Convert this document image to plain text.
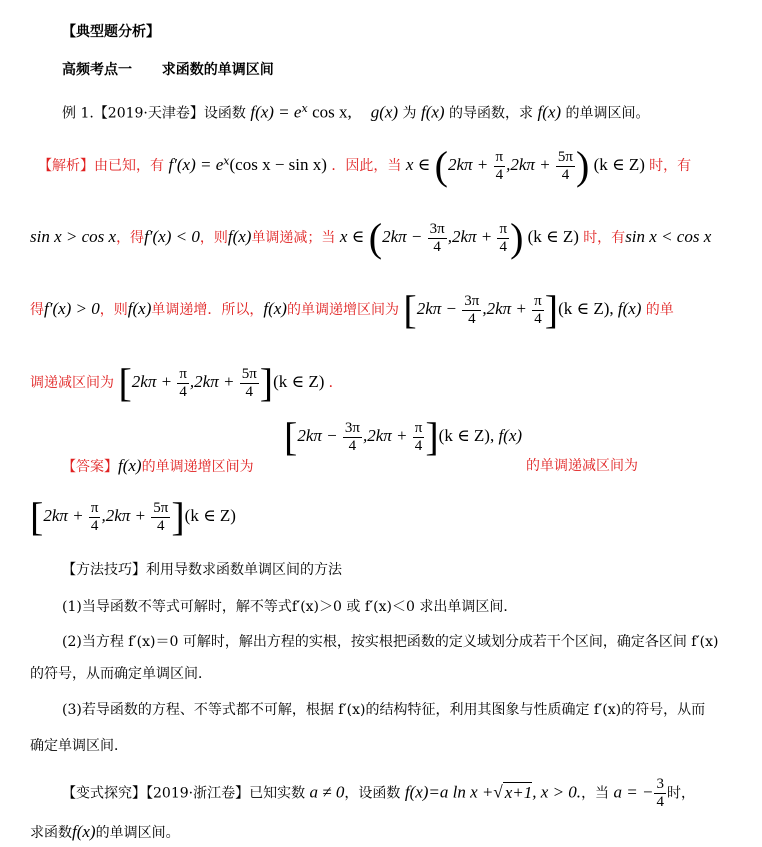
【典型题分析】
高频考点一 求函数的单调区间
例 1.【2019·天津卷】设函数 $f(x) = e^x$ cos x, g(x) 为 f(x) 的导函数，求 f(x) 的单调区间。
【解析】由已知，有 $f'(x) = e^x(\cos$ x − sin x) ．因此，当 x ∈ ($2k\pi + \frac{\pi}{4} ,2k\pi + \frac{5\pi}{4}$ ) (k ∈ Z) 时，有
sin x > cos x，得f′(x) < 0，则f(x)单调递减；当 x ∈ ($2k\pi - \frac{3\pi}{4} ,2k\pi + \frac{\pi}{4}$ ) (k ∈ Z) 时，有sin x < cos x
得f′(x) > 0，则f(x)单调递增．所以，f(x)的单调递增区间为 $[2k\pi - \frac{3\pi}{4} ,2k\pi + \frac{\pi}{4} ](k$ ∈ Z), f(x) 的单
调递减区间为 $[2k\pi + \frac{\pi}{4} ,2k\pi + \frac{5\pi}{4} ](k$ ∈ Z) ．
$[2k\pi - \frac{3\pi}{4} ,2k\pi + \frac{\pi}{4} ](k$ ∈ Z), f(x)
【答案】f(x)的单调递增区间为	的单调递减区间为
$[2k\pi + \frac{\pi}{4} ,2k\pi + \frac{5\pi}{4} ](k$ ∈ Z)
【方法技巧】利用导数求函数单调区间的方法
(1)当导函数不等式可解时，解不等式f′(x)＞0 或 f′(x)＜0 求出单调区间．
(2)当方程 f′(x)＝0 可解时，解出方程的实根，按实根把函数的定义域划分成若干个区间，确定各区间 f′(x)
的符号，从而确定单调区间．
(3)若导函数的方程、不等式都不可解，根据 f′(x)的结构特征，利用其图象与性质确定 f′(x)的符号，从而
确定单调区间．
【变式探究】【2019·浙江卷】已知实数 a ≠ 0，设函数 f(x)=a ln x +√ x+1, x > 0.，当 a = − $\frac{3}{4}$ 时，
求函数f(x)的单调区间。
